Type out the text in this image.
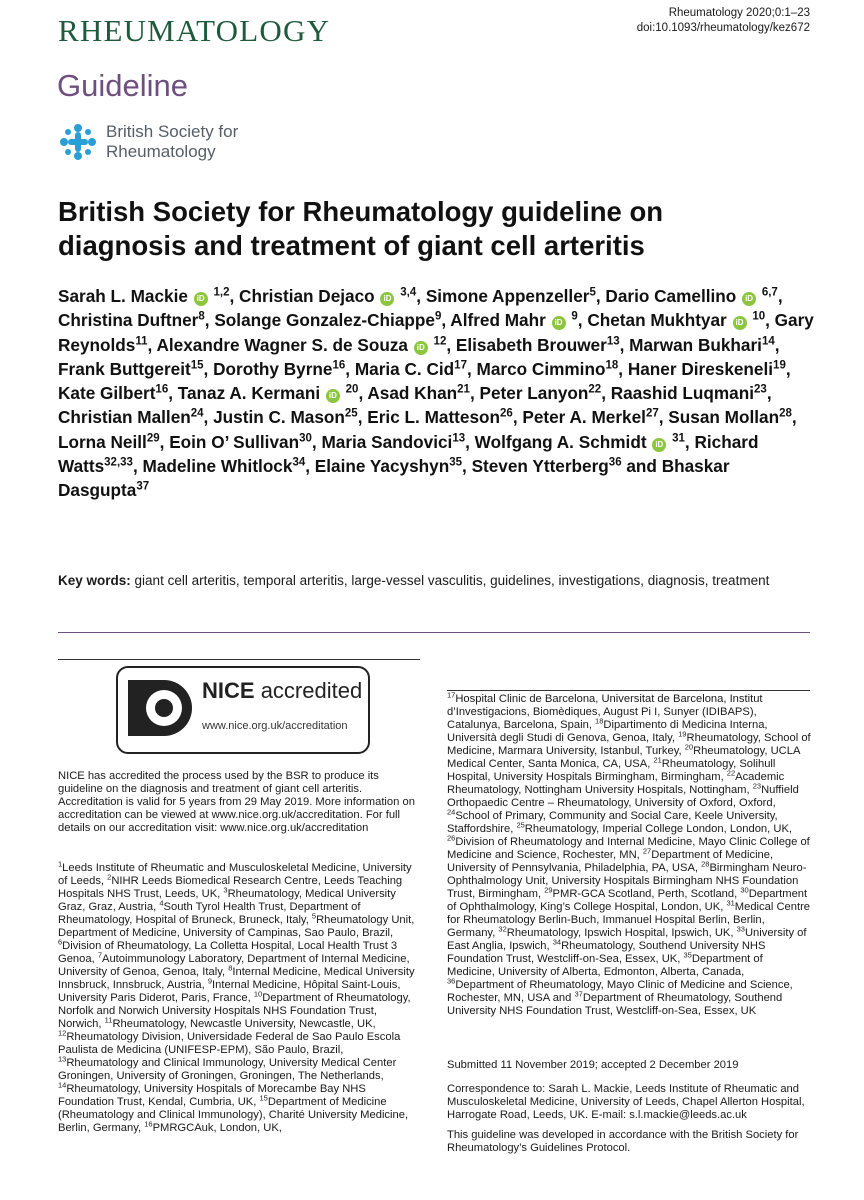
RHEUMATOLOGY	Rheumatology 2020;0:1–23
doi:10.1093/rheumatology/kez672
Guideline
British Society for
Rheumatology
British Society for Rheumatology guideline on diagnosis and treatment of giant cell arteritis
Sarah L. Mackie iD $^{1,2}$, Christian Dejaco iD $^{3,4}$, Simone Appenzeller$^5$, Dario Camellino iD $^{6,7}$, Christina Duftner$^8$, Solange Gonzalez-Chiappe$^9$, Alfred Mahr iD $^9$, Chetan Mukhtyar iD $^{10}$, Gary Reynolds$^{11}$, Alexandre Wagner S. de Souza iD $^{12}$, Elisabeth Brouwer$^{13}$, Marwan Bukhari$^{14}$, Frank Buttgereit$^{15}$, Dorothy Byrne$^{16}$, Maria C. Cid$^{17}$, Marco Cimmino$^{18}$, Haner Direskeneli$^{19}$, Kate Gilbert$^{16}$, Tanaz A. Kermani iD $^{20}$, Asad Khan$^{21}$, Peter Lanyon$^{22}$, Raashid Luqmani$^{23}$, Christian Mallen$^{24}$, Justin C. Mason$^{25}$, Eric L. Matteson$^{26}$, Peter A. Merkel$^{27}$, Susan Mollan$^{28}$, Lorna Neill$^{29}$, Eoin O’ Sullivan$^{30}$, Maria Sandovici$^{13}$, Wolfgang A. Schmidt iD $^{31}$, Richard Watts$^{32,33}$, Madeline Whitlock$^{34}$, Elaine Yacyshyn$^{35}$, Steven Ytterberg$^{36}$ and Bhaskar Dasgupta$^{37}$
Key words: giant cell arteritis, temporal arteritis, large-vessel vasculitis, guidelines, investigations, diagnosis, treatment
NICE accredited
www.nice.org.uk/accreditation
NICE has accredited the process used by the BSR to produce its guideline on the diagnosis and treatment of giant cell arteritis. Accreditation is valid for 5 years from 29 May 2019. More information on accreditation can be viewed at www.nice.org.uk/accreditation. For full details on our accreditation visit: www.nice.org.uk/accreditation
$^1$Leeds Institute of Rheumatic and Musculoskeletal Medicine, University of Leeds, $^2$NIHR Leeds Biomedical Research Centre, Leeds Teaching Hospitals NHS Trust, Leeds, UK, $^3$Rheumatology, Medical University Graz, Graz, Austria, $^4$South Tyrol Health Trust, Department of Rheumatology, Hospital of Bruneck, Bruneck, Italy, $^5$Rheumatology Unit, Department of Medicine, University of Campinas, Sao Paulo, Brazil, $^6$Division of Rheumatology, La Colletta Hospital, Local Health Trust 3 Genoa, $^7$Autoimmunology Laboratory, Department of Internal Medicine, University of Genoa, Genoa, Italy, $^8$Internal Medicine, Medical University Innsbruck, Innsbruck, Austria, $^9$Internal Medicine, Hôpital Saint-Louis, University Paris Diderot, Paris, France, $^{10}$Department of Rheumatology, Norfolk and Norwich University Hospitals NHS Foundation Trust, Norwich, $^{11}$Rheumatology, Newcastle University, Newcastle, UK, $^{12}$Rheumatology Division, Universidade Federal de Sao Paulo Escola Paulista de Medicina (UNIFESP-EPM), São Paulo, Brazil, $^{13}$Rheumatology and Clinical Immunology, University Medical Center Groningen, University of Groningen, Groningen, The Netherlands, $^{14}$Rheumatology, University Hospitals of Morecambe Bay NHS Foundation Trust, Kendal, Cumbria, UK, $^{15}$Department of Medicine (Rheumatology and Clinical Immunology), Charité University Medicine, Berlin, Germany, $^{16}$PMRGCAuk, London, UK,
$^{17}$Hospital Clinic de Barcelona, Universitat de Barcelona, Institut d’Investigacions, Biomèdiques, August Pi I, Sunyer (IDIBAPS), Catalunya, Barcelona, Spain, $^{18}$Dipartimento di Medicina Interna, Università degli Studi di Genova, Genoa, Italy, $^{19}$Rheumatology, School of Medicine, Marmara University, Istanbul, Turkey, $^{20}$Rheumatology, UCLA Medical Center, Santa Monica, CA, USA, $^{21}$Rheumatology, Solihull Hospital, University Hospitals Birmingham, Birmingham, $^{22}$Academic Rheumatology, Nottingham University Hospitals, Nottingham, $^{23}$Nuffield Orthopaedic Centre – Rheumatology, University of Oxford, Oxford, $^{24}$School of Primary, Community and Social Care, Keele University, Staffordshire, $^{25}$Rheumatology, Imperial College London, London, UK, $^{26}$Division of Rheumatology and Internal Medicine, Mayo Clinic College of Medicine and Science, Rochester, MN, $^{27}$Department of Medicine, University of Pennsylvania, Philadelphia, PA, USA, $^{28}$Birmingham Neuro-Ophthalmology Unit, University Hospitals Birmingham NHS Foundation Trust, Birmingham, $^{29}$PMR-GCA Scotland, Perth, Scotland, $^{30}$Department of Ophthalmology, King’s College Hospital, London, UK, $^{31}$Medical Centre for Rheumatology Berlin-Buch, Immanuel Hospital Berlin, Berlin, Germany, $^{32}$Rheumatology, Ipswich Hospital, Ipswich, UK, $^{33}$University of East Anglia, Ipswich, $^{34}$Rheumatology, Southend University NHS Foundation Trust, Westcliff-on-Sea, Essex, UK, $^{35}$Department of Medicine, University of Alberta, Edmonton, Alberta, Canada, $^{36}$Department of Rheumatology, Mayo Clinic of Medicine and Science, Rochester, MN, USA and $^{37}$Department of Rheumatology, Southend University NHS Foundation Trust, Westcliff-on-Sea, Essex, UK
Submitted 11 November 2019; accepted 2 December 2019
Correspondence to: Sarah L. Mackie, Leeds Institute of Rheumatic and Musculoskeletal Medicine, University of Leeds, Chapel Allerton Hospital, Harrogate Road, Leeds, UK. E-mail: s.l.mackie@leeds.ac.uk
This guideline was developed in accordance with the British Society for Rheumatology’s Guidelines Protocol.
